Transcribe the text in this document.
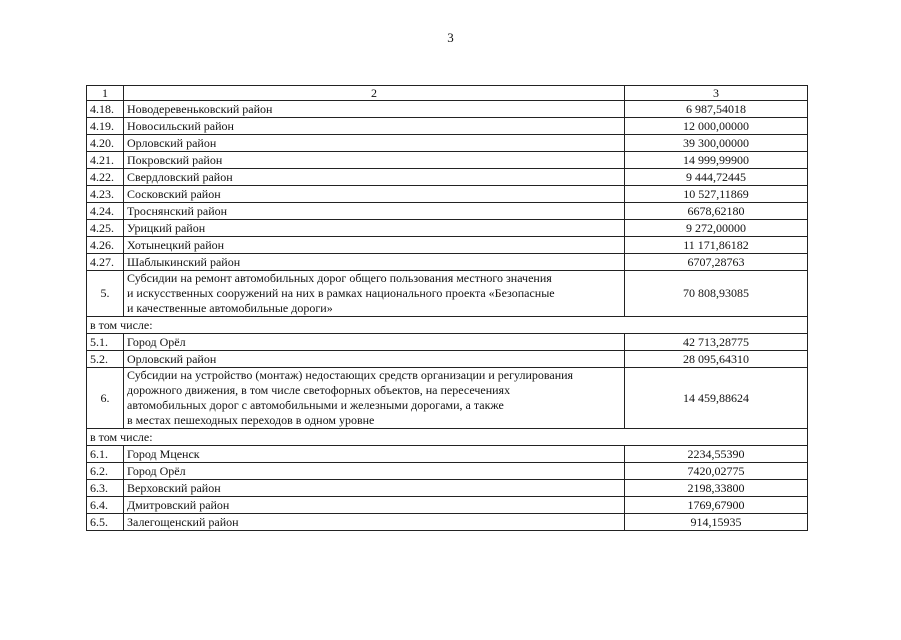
3
1	2	3
4.18.	Новодеревеньковский район	6 987,54018
4.19.	Новосильский район	12 000,00000
4.20.	Орловский район	39 300,00000
4.21.	Покровский район	14 999,99900
4.22.	Свердловский район	9 444,72445
4.23.	Сосковский район	10 527,11869
4.24.	Троснянский район	6678,62180
4.25.	Урицкий район	9 272,00000
4.26.	Хотынецкий район	11 171,86182
4.27.	Шаблыкинский район	6707,28763
5.	Субсидии на ремонт автомобильных дорог общего пользования местного значения
и искусственных сооружений на них в рамках национального проекта «Безопасные
и качественные автомобильные дороги»	70 808,93085
в том числе:		
5.1.	Город Орёл	42 713,28775
5.2.	Орловский район	28 095,64310
6.	Субсидии на устройство (монтаж) недостающих средств организации и регулирования
дорожного движения, в том числе светофорных объектов, на пересечениях
автомобильных дорог с автомобильными и железными дорогами, а также
в местах пешеходных переходов в одном уровне	14 459,88624
в том числе:		
6.1.	Город Мценск	2234,55390
6.2.	Город Орёл	7420,02775
6.3.	Верховский район	2198,33800
6.4.	Дмитровский район	1769,67900
6.5.	Залегощенский район	914,15935
